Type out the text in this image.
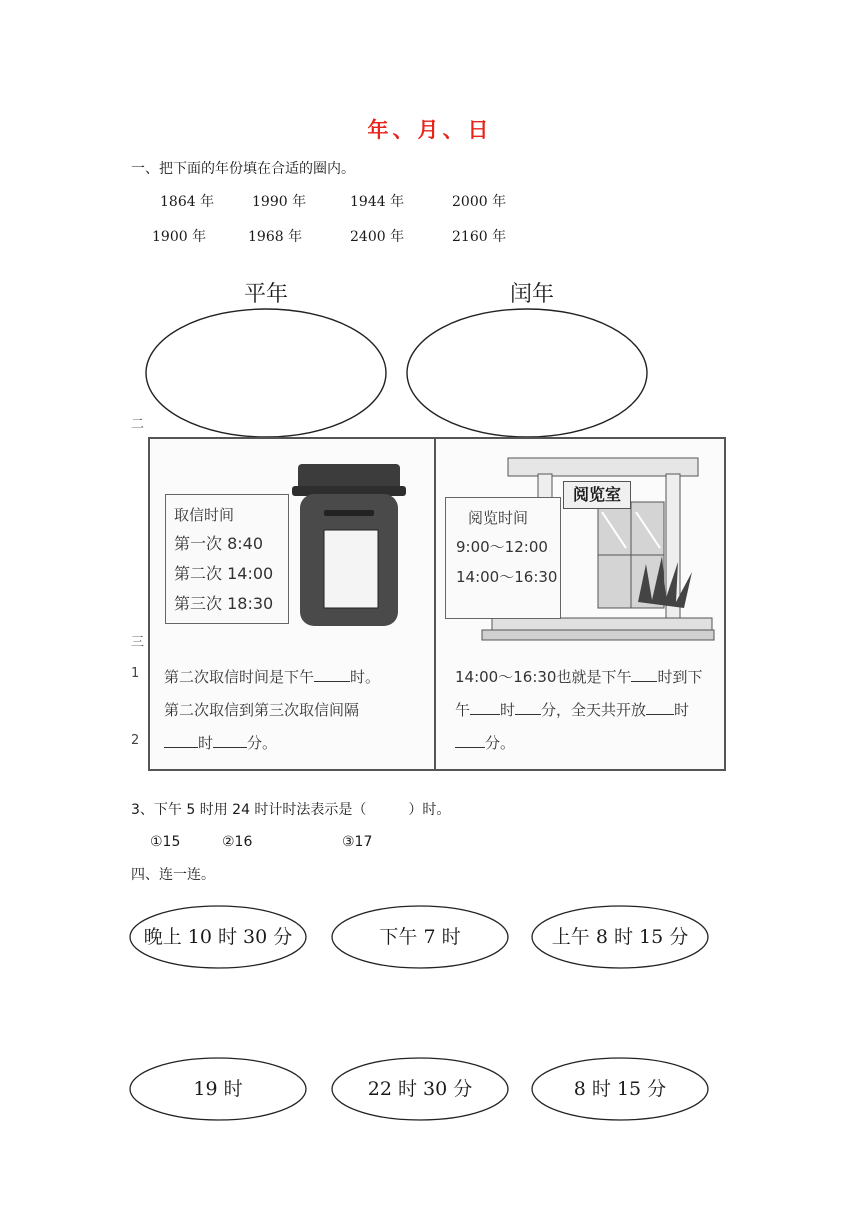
年、月、日
一、把下面的年份填在合适的圈内。
1864 年	1990 年	1944 年	2000 年
1900 年	1968 年	2400 年	2160 年
平年	闰年
二
三
1
2
取信时间
第一次 8:40
第二次 14:00
第三次 18:30
阅览室
阅览时间
9:00～12:00
14:00～16:30
第二次取信时间是下午 时。
第二次取信到第三次取信间隔
时 分。
14:00～16:30也就是下午 时到下
午 时 分，全天共开放 时
分。
3、下午 5 时用 24 时计时法表示是（　　　）时。
①15	②16	③17
四、连一连。
晚上 10 时 30 分	下午 7 时	上午 8 时 15 分
19 时	22 时 30 分	8 时 15 分
